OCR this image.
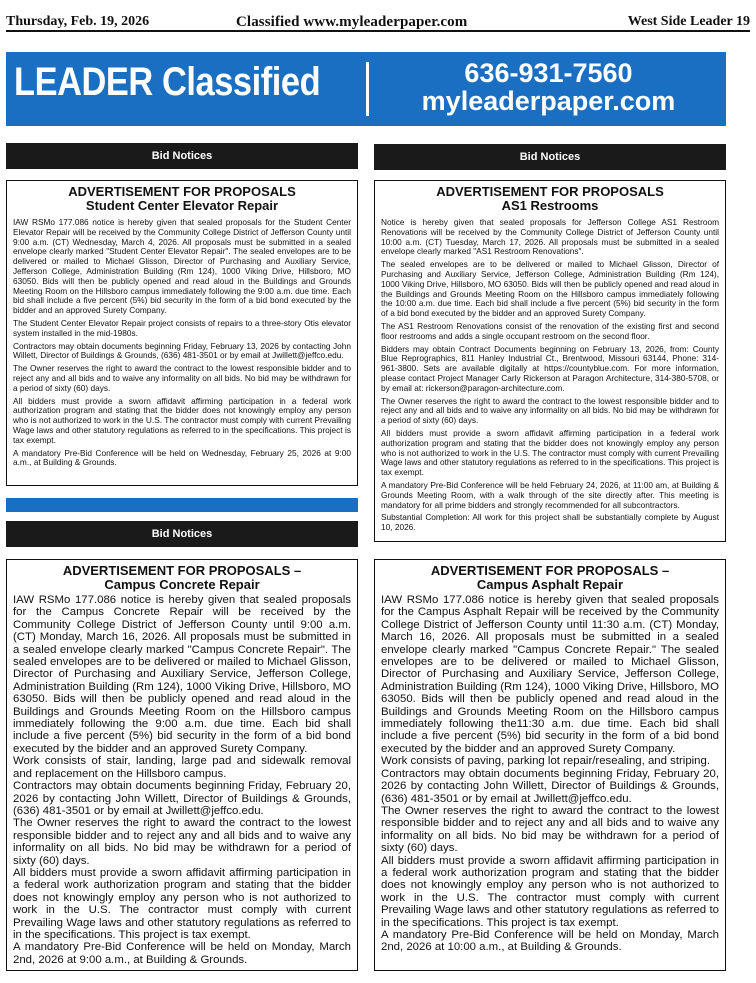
Thursday, Feb. 19, 2026	Classified www.myleaderpaper.com	West Side Leader 19
LEADER Classified	636-931-7560
myleaderpaper.com
Bid Notices	Bid Notices
ADVERTISEMENT FOR PROPOSALS
Student Center Elevator Repair

IAW RSMo 177.086 notice is hereby given that sealed proposals for the Student Center Elevator Repair will be received by the Community College District of Jefferson County until 9:00 a.m. (CT) Wednesday, March 4, 2026. All proposals must be submitted in a sealed envelope clearly marked "Student Center Elevator Repair". The sealed envelopes are to be delivered or mailed to Michael Glisson, Director of Purchasing and Auxiliary Service, Jefferson College, Administration Building (Rm 124), 1000 Viking Drive, Hillsboro, MO 63050. Bids will then be publicly opened and read aloud in the Buildings and Grounds Meeting Room on the Hillsboro campus immediately following the 9:00 a.m. due time. Each bid shall include a five percent (5%) bid security in the form of a bid bond executed by the bidder and an approved Surety Company.

The Student Center Elevator Repair project consists of repairs to a three-story Otis elevator system installed in the mid-1980s.

Contractors may obtain documents beginning Friday, February 13, 2026 by contacting John Willett, Director of Buildings & Grounds, (636) 481-3501 or by email at Jwillett@jeffco.edu.

The Owner reserves the right to award the contract to the lowest responsible bidder and to reject any and all bids and to waive any informality on all bids. No bid may be withdrawn for a period of sixty (60) days.

All bidders must provide a sworn affidavit affirming participation in a federal work authorization program and stating that the bidder does not knowingly employ any person who is not authorized to work in the U.S. The contractor must comply with current Prevailing Wage laws and other statutory regulations as referred to in the specifications. This project is tax exempt.

A mandatory Pre-Bid Conference will be held on Wednesday, February 25, 2026 at 9:00 a.m., at Building & Grounds.

Bid Notices
ADVERTISEMENT FOR PROPOSALS
AS1 Restrooms

Notice is hereby given that sealed proposals for Jefferson College AS1 Restroom Renovations will be received by the Community College District of Jefferson County until 10:00 a.m. (CT) Tuesday, March 17, 2026. All proposals must be submitted in a sealed envelope clearly marked "AS1 Restroom Renovations".

The sealed envelopes are to be delivered or mailed to Michael Glisson, Director of Purchasing and Auxiliary Service, Jefferson College, Administration Building (Rm 124), 1000 Viking Drive, Hillsboro, MO 63050. Bids will then be publicly opened and read aloud in the Buildings and Grounds Meeting Room on the Hillsboro campus immediately following the 10:00 a.m. due time. Each bid shall include a five percent (5%) bid security in the form of a bid bond executed by the bidder and an approved Surety Company.

The AS1 Restroom Renovations consist of the renovation of the existing first and second floor restrooms and adds a single occupant restroom on the second floor.

Bidders may obtain Contract Documents beginning on February 13, 2026, from: County Blue Reprographics, 811 Hanley Industrial Ct., Brentwood, Missouri 63144, Phone: 314-961-3800. Sets are available digitally at https://countyblue.com. For more information, please contact Project Manager Carly Rickerson at Paragon Architecture, 314-380-5708, or by email at: rickerson@paragon-architecture.com.

The Owner reserves the right to award the contract to the lowest responsible bidder and to reject any and all bids and to waive any informality on all bids. No bid may be withdrawn for a period of sixty (60) days.

All bidders must provide a sworn affidavit affirming participation in a federal work authorization program and stating that the bidder does not knowingly employ any person who is not authorized to work in the U.S. The contractor must comply with current Prevailing Wage laws and other statutory regulations as referred to in the specifications. This project is tax exempt.

A mandatory Pre-Bid Conference will be held February 24, 2026, at 11:00 am, at Building & Grounds Meeting Room, with a walk through of the site directly after. This meeting is mandatory for all prime bidders and strongly recommended for all subcontractors.

Substantial Completion: All work for this project shall be substantially complete by August 10, 2026.

ADVERTISEMENT FOR PROPOSALS –
Campus Concrete Repair

IAW RSMo 177.086 notice is hereby given that sealed proposals for the Campus Concrete Repair will be received by the Community College District of Jefferson County until 9:00 a.m. (CT) Monday, March 16, 2026. All proposals must be submitted in a sealed envelope clearly marked "Campus Concrete Repair". The sealed envelopes are to be delivered or mailed to Michael Glisson, Director of Purchasing and Auxiliary Service, Jefferson College, Administration Building (Rm 124), 1000 Viking Drive, Hillsboro, MO 63050. Bids will then be publicly opened and read aloud in the Buildings and Grounds Meeting Room on the Hillsboro campus immediately following the 9:00 a.m. due time. Each bid shall include a five percent (5%) bid security in the form of a bid bond executed by the bidder and an approved Surety Company.

Work consists of stair, landing, large pad and sidewalk removal and replacement on the Hillsboro campus.

Contractors may obtain documents beginning Friday, February 20, 2026 by contacting John Willett, Director of Buildings & Grounds, (636) 481-3501 or by email at Jwillett@jeffco.edu.

The Owner reserves the right to award the contract to the lowest responsible bidder and to reject any and all bids and to waive any informality on all bids. No bid may be withdrawn for a period of sixty (60) days.

All bidders must provide a sworn affidavit affirming participation in a federal work authorization program and stating that the bidder does not knowingly employ any person who is not authorized to work in the U.S. The contractor must comply with current Prevailing Wage laws and other statutory regulations as referred to in the specifications. This project is tax exempt.

A mandatory Pre-Bid Conference will be held on Monday, March 2nd, 2026 at 9:00 a.m., at Building & Grounds.

ADVERTISEMENT FOR PROPOSALS –
Campus Asphalt Repair

IAW RSMo 177.086 notice is hereby given that sealed proposals for the Campus Asphalt Repair will be received by the Community College District of Jefferson County until 11:30 a.m. (CT) Monday, March 16, 2026. All proposals must be submitted in a sealed envelope clearly marked "Campus Concrete Repair." The sealed envelopes are to be delivered or mailed to Michael Glisson, Director of Purchasing and Auxiliary Service, Jefferson College, Administration Building (Rm 124), 1000 Viking Drive, Hillsboro, MO 63050. Bids will then be publicly opened and read aloud in the Buildings and Grounds Meeting Room on the Hillsboro campus immediately following the11:30 a.m. due time. Each bid shall include a five percent (5%) bid security in the form of a bid bond executed by the bidder and an approved Surety Company.

Work consists of paving, parking lot repair/resealing, and striping.

Contractors may obtain documents beginning Friday, February 20, 2026 by contacting John Willett, Director of Buildings & Grounds, (636) 481-3501 or by email at Jwillett@jeffco.edu.

The Owner reserves the right to award the contract to the lowest responsible bidder and to reject any and all bids and to waive any informality on all bids. No bid may be withdrawn for a period of sixty (60) days.

All bidders must provide a sworn affidavit affirming participation in a federal work authorization program and stating that the bidder does not knowingly employ any person who is not authorized to work in the U.S. The contractor must comply with current Prevailing Wage laws and other statutory regulations as referred to in the specifications. This project is tax exempt.

A mandatory Pre-Bid Conference will be held on Monday, March 2nd, 2026 at 10:00 a.m., at Building & Grounds.
